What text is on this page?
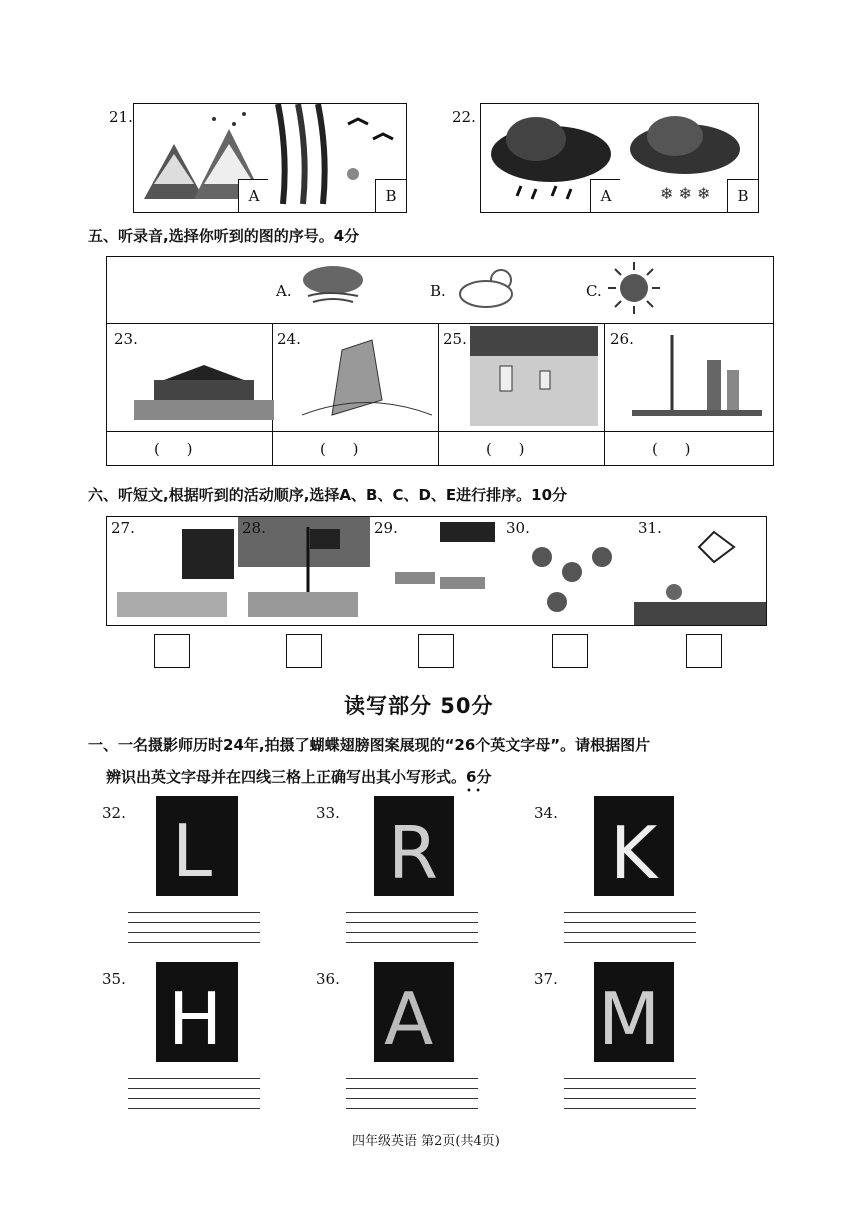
21.
A	B
22.
A	❄ ❄ ❄	B
五、听录音,选择你听到的图的序号。4分
A.	B.	C.
23.	24.	25.	26.
( )	( )	( )	( )
六、听短文,根据听到的活动顺序,选择A、B、C、D、E进行排序。10分
27.	28.	29.	30.	31.
读写部分 50分
一、一名摄影师历时24年,拍摄了蝴蝶翅膀图案展现的“26个英文字母”。请根据图片
辨识出英文字母并在四线三格上正确写出其小写形式。6分
• •
32. L	33. R	34. K
35. H	36. A	37. M
四年级英语 第2页(共4页)
